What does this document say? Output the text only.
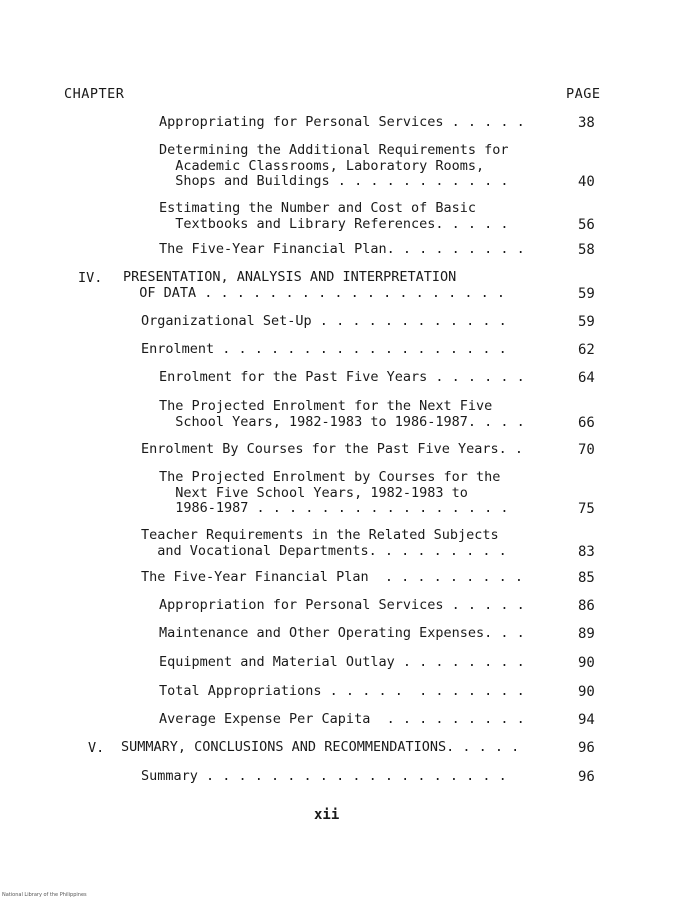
CHAPTER	PAGE
Appropriating for Personal Services . . . . .	38
Determining the Additional Requirements for
Academic Classrooms, Laboratory Rooms,
Shops and Buildings . . . . . . . . . . .	40
Estimating the Number and Cost of Basic
Textbooks and Library References. . . . .	56
The Five-Year Financial Plan. . . . . . . . .	58
IV. PRESENTATION, ANALYSIS AND INTERPRETATION
OF DATA . . . . . . . . . . . . . . . . . . .	59
Organizational Set-Up . . . . . . . . . . . .	59
Enrolment . . . . . . . . . . . . . . . . . .	62
Enrolment for the Past Five Years . . . . . .	64
The Projected Enrolment for the Next Five
School Years, 1982-1983 to 1986-1987. . . .	66
Enrolment By Courses for the Past Five Years. .	70
The Projected Enrolment by Courses for the
Next Five School Years, 1982-1983 to
1986-1987 . . . . . . . . . . . . . . . .	75
Teacher Requirements in the Related Subjects
and Vocational Departments. . . . . . . . .	83
The Five-Year Financial Plan  . . . . . . . . .	85
Appropriation for Personal Services . . . . .	86
Maintenance and Other Operating Expenses. . .	89
Equipment and Material Outlay . . . . . . . .	90
Total Appropriations . . . . .  . . . . . . .	90
Average Expense Per Capita  . . . . . . . . .	94
V. SUMMARY, CONCLUSIONS AND RECOMMENDATIONS. . . . .	96
Summary . . . . . . . . . . . . . . . . . . .	96
xii
National Library of the Philippines
